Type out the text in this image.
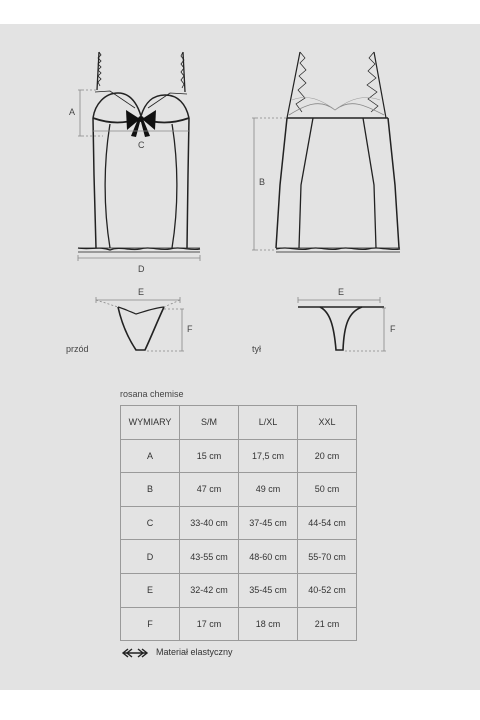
A
C
D
B
E
F
E
F
przód	tył
rosana chemise
WYMIARY	S/M	L/XL	XXL
A	15 cm	17,5 cm	20 cm
B	47 cm	49 cm	50 cm
C	33-40 cm	37-45 cm	44-54 cm
D	43-55 cm	48-60 cm	55-70 cm
E	32-42 cm	35-45 cm	40-52 cm
F	17 cm	18 cm	21 cm
Materiał elastyczny
